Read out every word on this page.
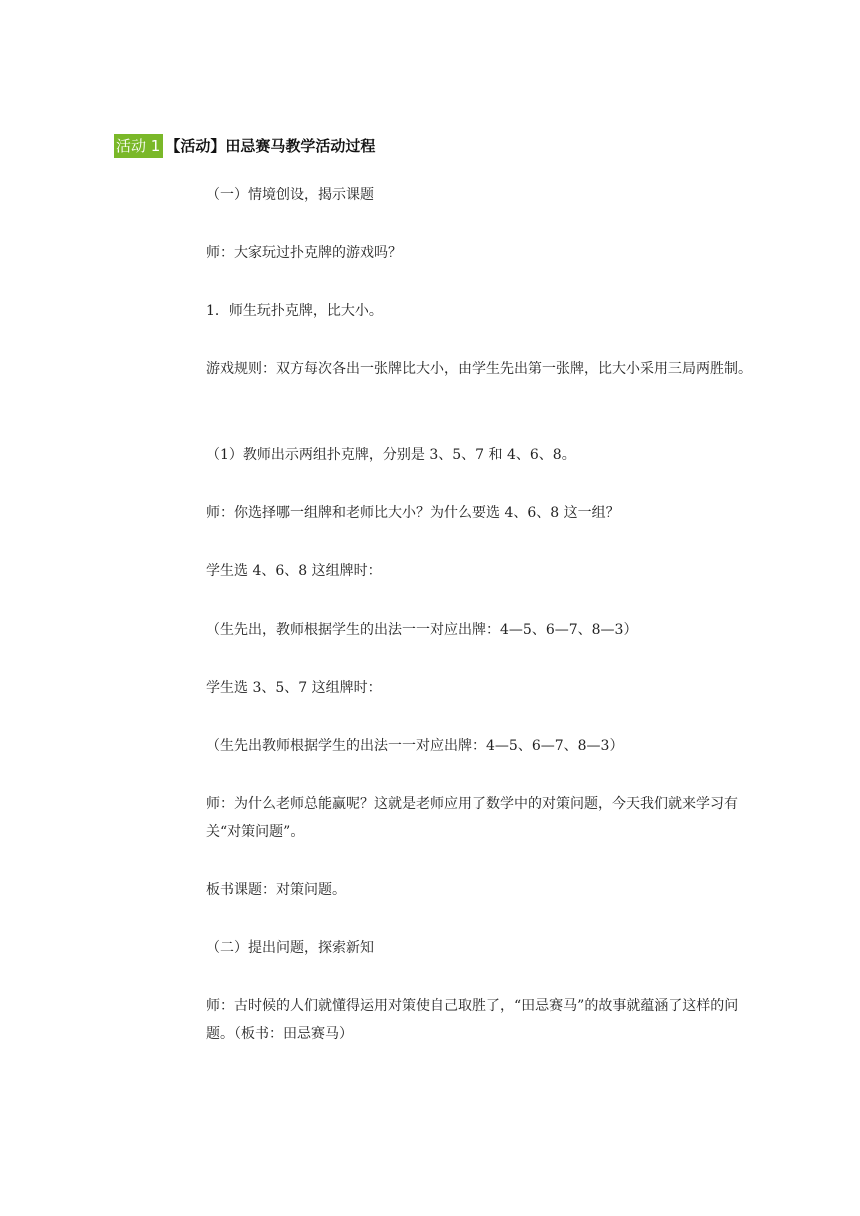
活动 1 【活动】田忌赛马教学活动过程

（一）情境创设，揭示课题

师：大家玩过扑克牌的游戏吗？

1．师生玩扑克牌，比大小。

游戏规则：双方每次各出一张牌比大小，由学生先出第一张牌，比大小采用三局两胜制。

（1）教师出示两组扑克牌，分别是 3、5、7 和 4、6、8。

师：你选择哪一组牌和老师比大小？为什么要选 4、6、8 这一组？

学生选 4、6、8 这组牌时：

（生先出，教师根据学生的出法一一对应出牌：4—5、6—7、8—3）

学生选 3、5、7 这组牌时：

（生先出教师根据学生的出法一一对应出牌：4—5、6—7、8—3）

师：为什么老师总能赢呢？这就是老师应用了数学中的对策问题，今天我们就来学习有关“对策问题”。

板书课题：对策问题。

（二）提出问题，探索新知

师：古时候的人们就懂得运用对策使自己取胜了，“田忌赛马”的故事就蕴涵了这样的问题。（板书：田忌赛马）
